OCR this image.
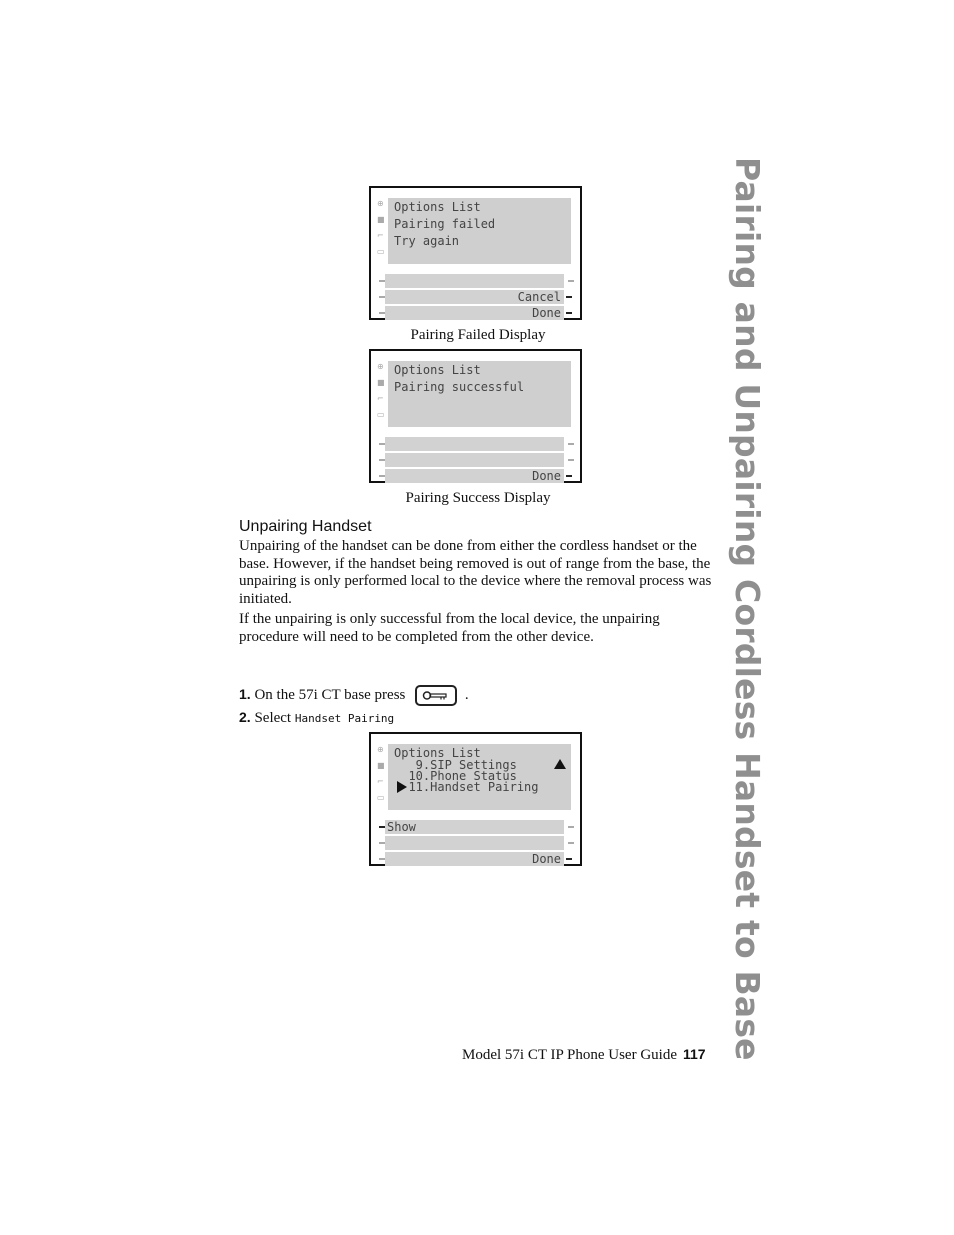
Pairing and Unpairing Cordless Handset to Base
⊕
■
⌐
▭
Options List
Pairing failed
Try again
Cancel
Done
Pairing Failed Display
⊕
■
⌐
▭
Options List
Pairing successful
Done
Pairing Success Display
Unpairing Handset

Unpairing of the handset can be done from either the cordless handset or the base. However, if the handset being removed is out of range from the base, the unpairing is only performed local to the device where the removal process was initiated.

If the unpairing is only successful from the local device, the unpairing procedure will need to be completed from the other device.

1. On the 57i CT base press	.
2. Select Handset Pairing
⊕
■
⌐
▭
Options List
9.SIP Settings
10.Phone Status
11.Handset Pairing
Show
Done
Model 57i CT IP Phone User Guide 117
